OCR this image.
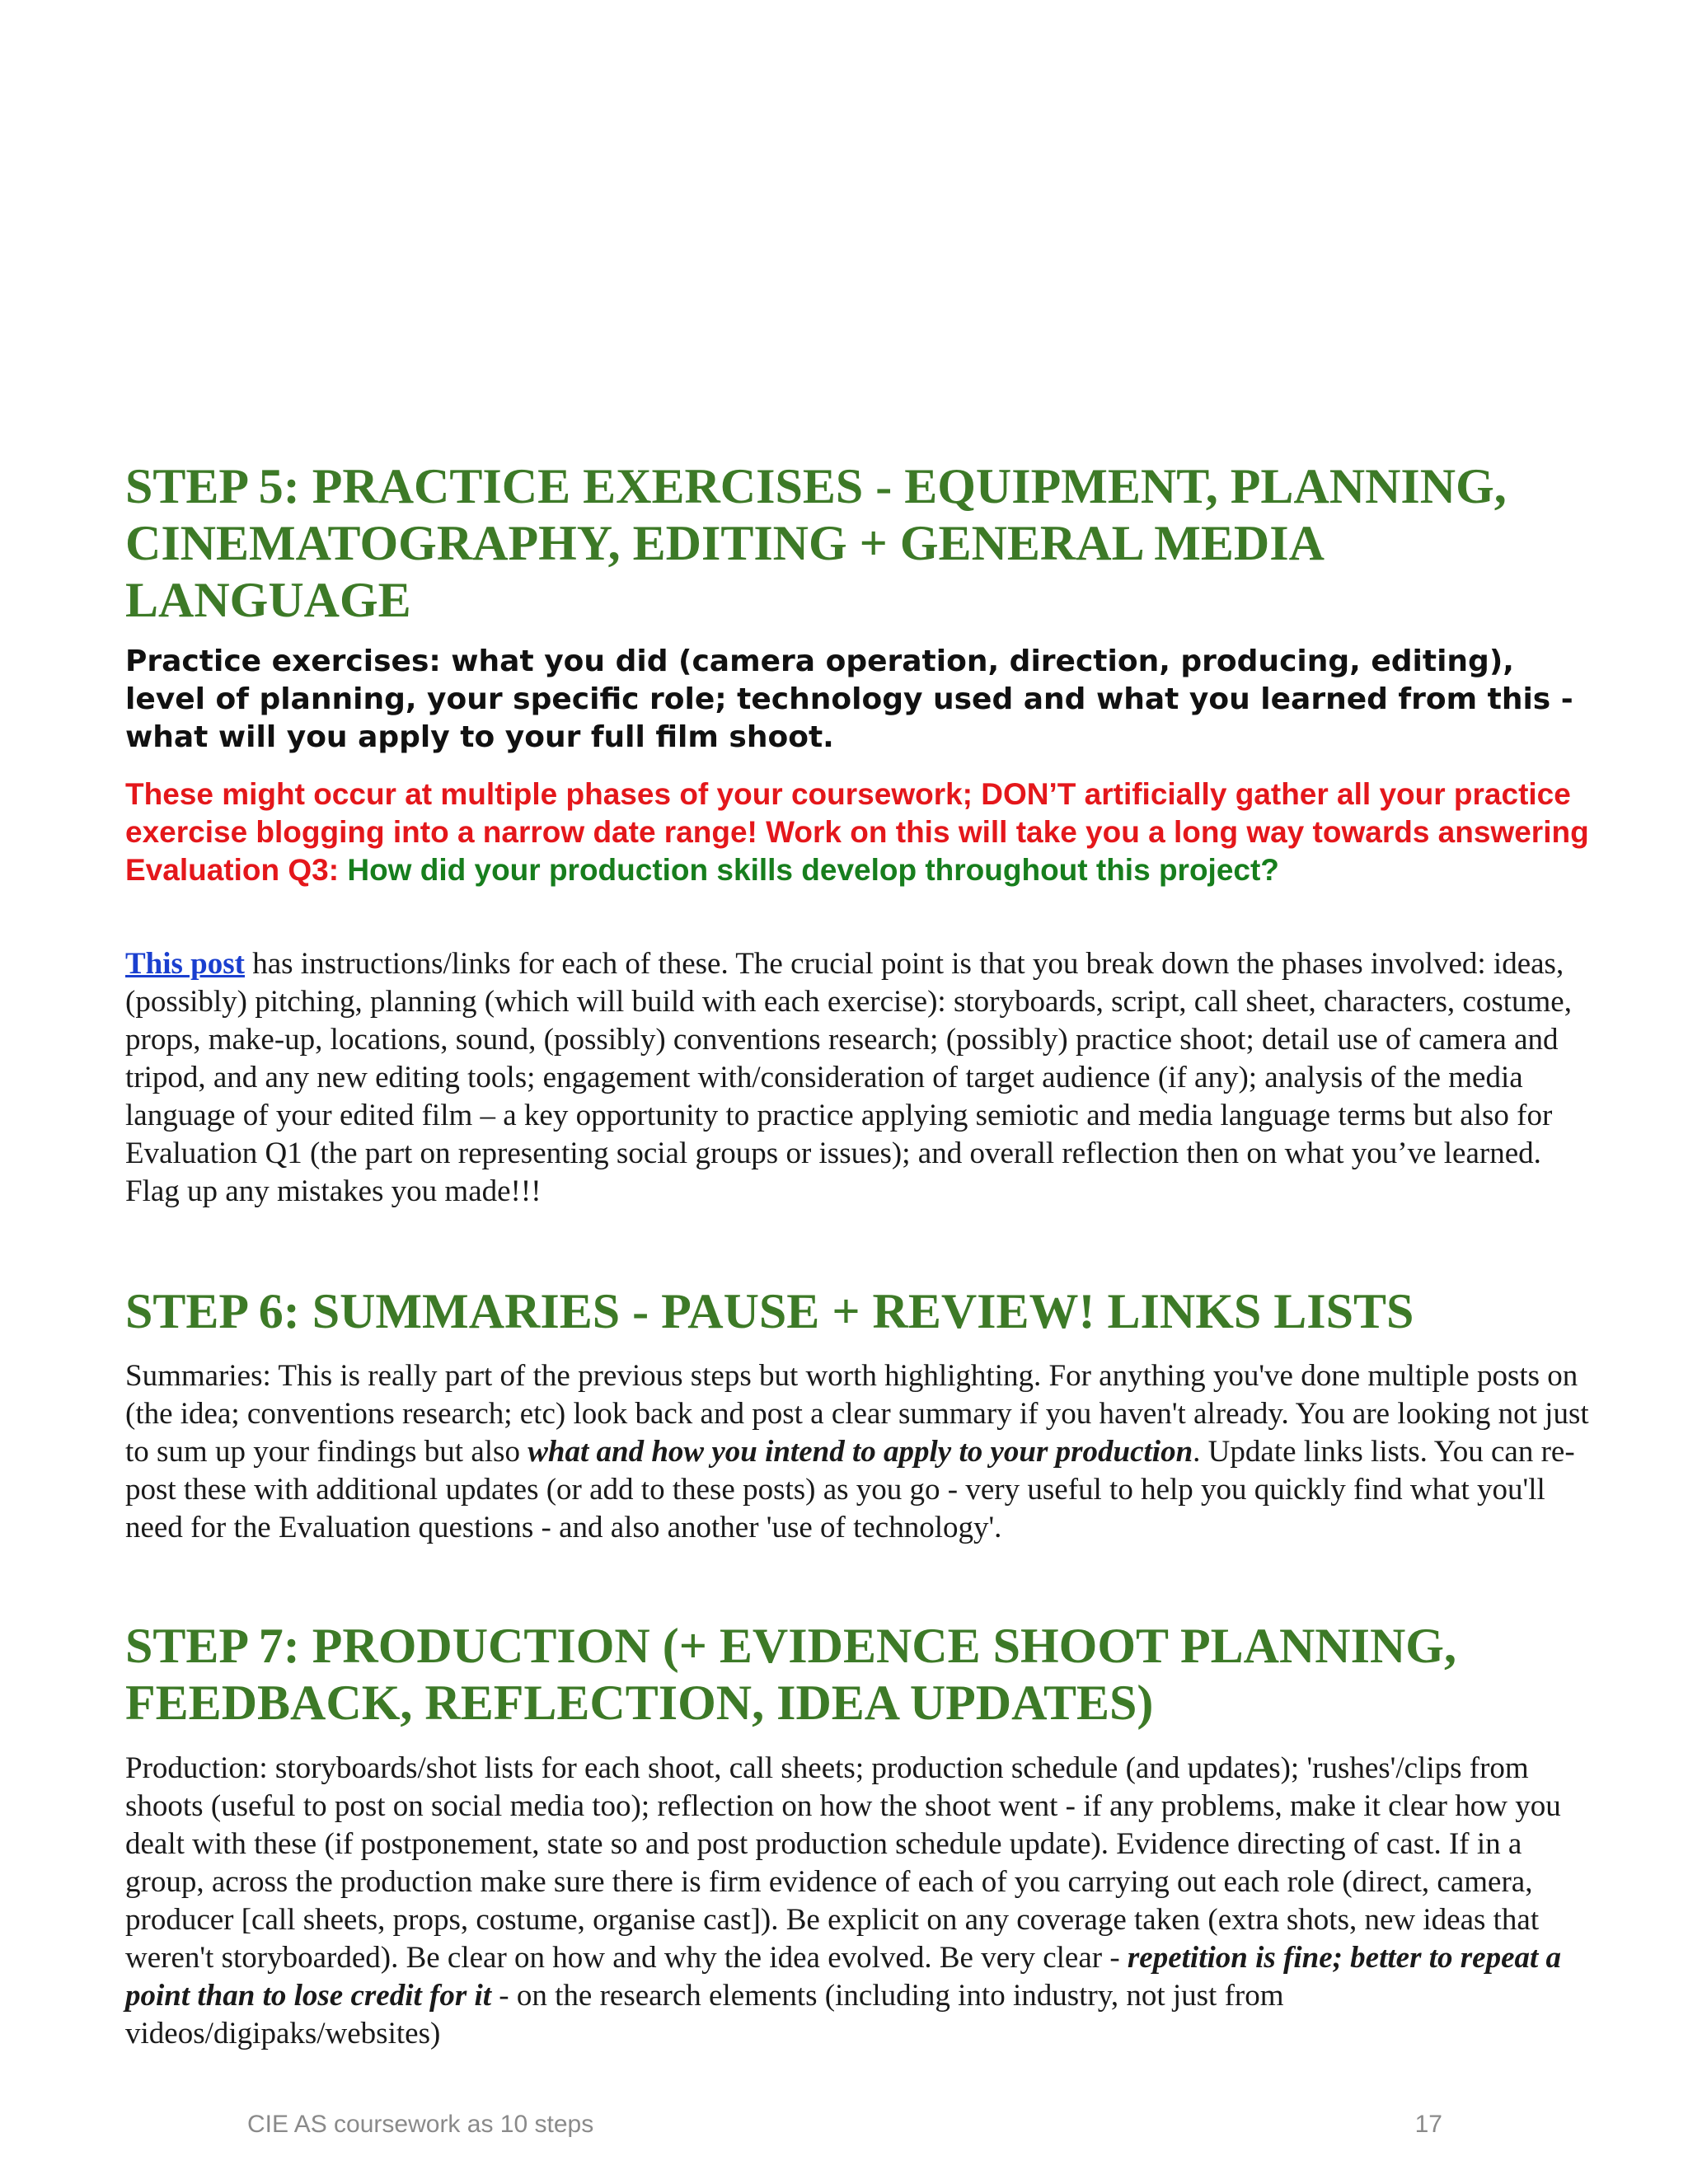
STEP 5: PRACTICE EXERCISES - EQUIPMENT, PLANNING, CINEMATOGRAPHY, EDITING + GENERAL MEDIA LANGUAGE

Practice exercises: what you did (camera operation, direction, producing, editing), level of planning, your specific role; technology used and what you learned from this - what will you apply to your full film shoot.

These might occur at multiple phases of your coursework; DON’T artificially gather all your practice exercise blogging into a narrow date range! Work on this will take you a long way towards answering Evaluation Q3: How did your production skills develop throughout this project?

This post has instructions/links for each of these. The crucial point is that you break down the phases involved: ideas, (possibly) pitching, planning (which will build with each exercise): storyboards, script, call sheet, characters, costume, props, make-up, locations, sound, (possibly) conventions research; (possibly) practice shoot; detail use of camera and tripod, and any new editing tools; engagement with/consideration of target audience (if any); analysis of the media language of your edited film – a key opportunity to practice applying semiotic and media language terms but also for Evaluation Q1 (the part on representing social groups or issues); and overall reflection then on what you’ve learned. Flag up any mistakes you made!!!

STEP 6: SUMMARIES - PAUSE + REVIEW! LINKS LISTS

Summaries: This is really part of the previous steps but worth highlighting. For anything you've done multiple posts on (the idea; conventions research; etc) look back and post a clear summary if you haven't already. You are looking not just to sum up your findings but also what and how you intend to apply to your production. Update links lists. You can re-post these with additional updates (or add to these posts) as you go - very useful to help you quickly find what you'll need for the Evaluation questions - and also another 'use of technology'.

STEP 7: PRODUCTION (+ EVIDENCE SHOOT PLANNING, FEEDBACK, REFLECTION, IDEA UPDATES)

Production: storyboards/shot lists for each shoot, call sheets; production schedule (and updates); 'rushes'/clips from shoots (useful to post on social media too); reflection on how the shoot went - if any problems, make it clear how you dealt with these (if postponement, state so and post production schedule update). Evidence directing of cast. If in a group, across the production make sure there is firm evidence of each of you carrying out each role (direct, camera, producer [call sheets, props, costume, organise cast]). Be explicit on any coverage taken (extra shots, new ideas that weren't storyboarded). Be clear on how and why the idea evolved. Be very clear - repetition is fine; better to repeat a point than to lose credit for it - on the research elements (including into industry, not just from videos/digipaks/websites)

CIE AS coursework as 10 steps	17
